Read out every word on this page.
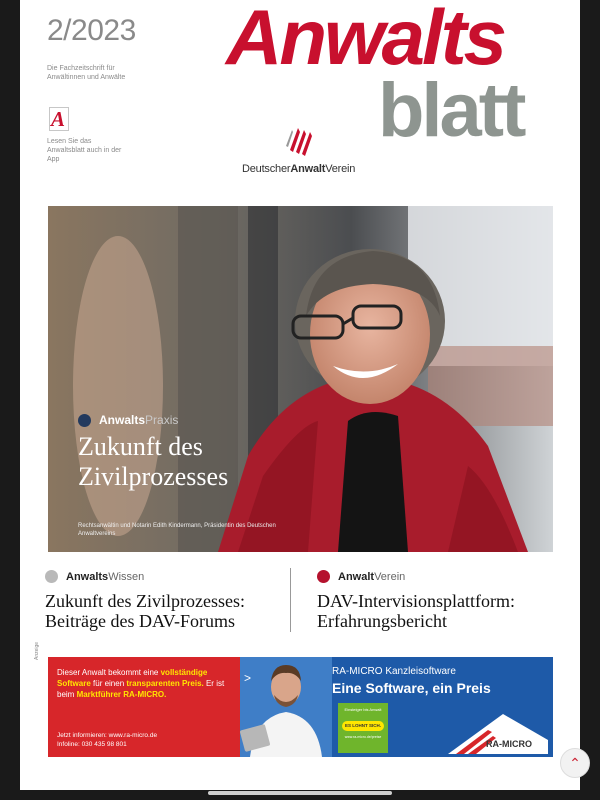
2/2023
Die Fachzeitschrift für Anwältinnen und Anwälte
A
Lesen Sie das Anwaltsblatt auch in der App
Anwalts
blatt
DeutscherAnwaltVerein
Anwalts Praxis
Zukunft des Zivilprozesses
Rechtsanwältin und Notarin Edith Kindermann, Präsidentin des Deutschen Anwaltvereins
Anwalts Wissen
Zukunft des Zivilprozesses: Beiträge des DAV-Forums
Anwalt Verein
DAV-Intervisionsplattform: Erfahrungsbericht
Anzeige
Dieser Anwalt bekommt eine vollständige Software für einen transparenten Preis. Er ist beim Marktführer RA-MICRO.
Jetzt informieren: www.ra-micro.de
Infoline: 030 435 98 801
>	RA-MICRO Kanzleisoftware
Eine Software, ein Preis
Einsteiger bis Anwalt
ES LOHNT SICH.
www.ra-micro.de/preise
RA-MICRO
⌃
